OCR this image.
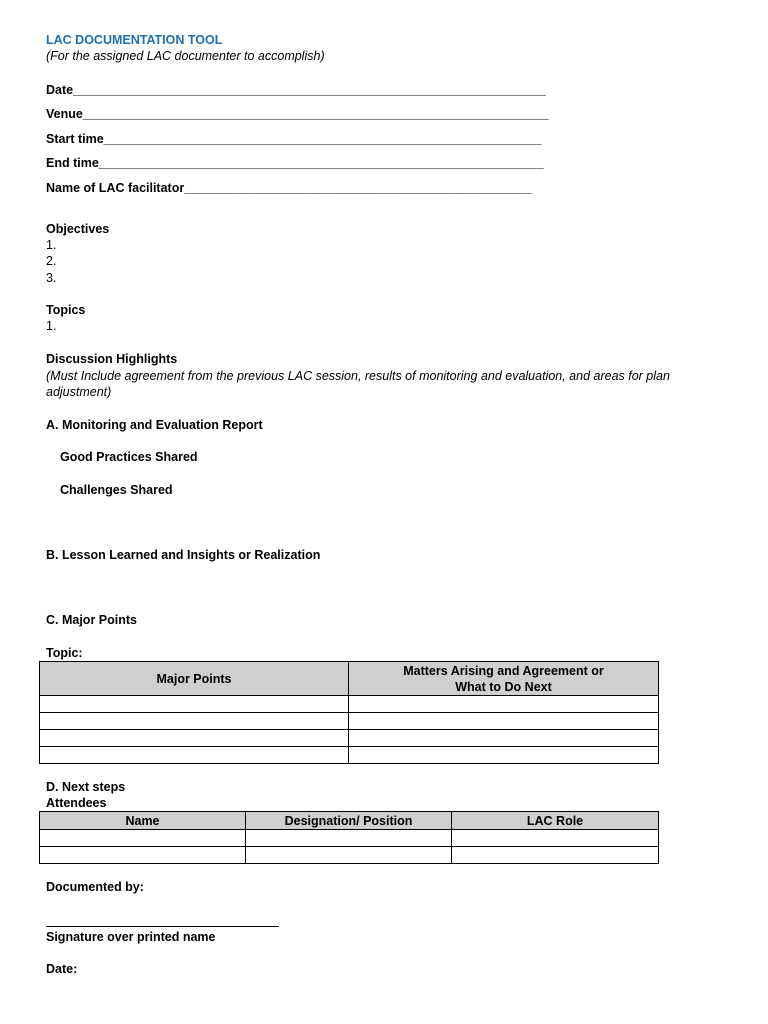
LAC DOCUMENTATION TOOL
(For the assigned LAC documenter to accomplish)
Date____________________________________________________________________
Venue___________________________________________________________________
Start time_______________________________________________________________
End time________________________________________________________________
Name of LAC facilitator__________________________________________________
Objectives
1.
2.
3.
Topics
1.
Discussion Highlights
(Must Include agreement from the previous LAC session, results of monitoring and evaluation, and areas for plan adjustment)
A. Monitoring and Evaluation Report
Good Practices Shared
Challenges Shared
B. Lesson Learned and Insights or Realization
C. Major Points
Topic:
Major Points	Matters Arising and Agreement or
What to Do Next

D. Next steps
Attendees
Name	Designation/ Position	LAC Role

Documented by:
Signature over printed name
Date:
